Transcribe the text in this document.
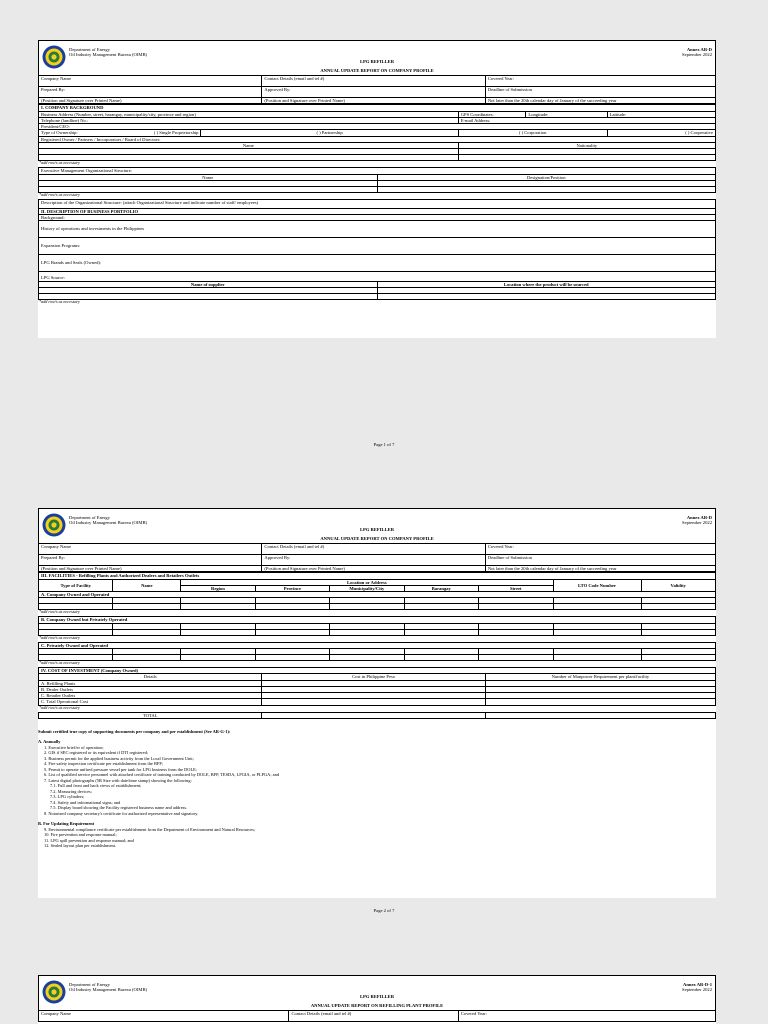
Department of Energy
Oil Industry Management Bureau (OIMB)
Annex AR-D
September 2022
LPG REFILLER
ANNUAL UPDATE REPORT ON COMPANY PROFILE
Company Name	Contact Details (email and tel #)	Covered Year:
Prepared By:	Approved By:	Deadline of Submission
(Position and Signature over Printed Name)	(Position and Signature over Printed Name)	Not later than the 20th calendar day of January of the succeeding year
I. COMPANY BACKGROUND				
Business Address (Number, street, barangay, municipality/city, province and region)		GPS Coordinates:	Longitude:	Latitude:
Telephone (landline) No.:		E-mail Address:		
President/CEO:				
Type of Ownership: ( ) Single Proprietorship	( ) Partnership	( ) Corporation		( ) Cooperative
Registered Owner / Partners / Incorporators / Board of Directors:				
Name		Nationality		

*add row/s as necessary
Executive Management Organizational Structure:	
Name	Designation/Position

*add row/s as necessary
Description of the Organizational Structure: (attach Organizational Structure and indicate number of staff/ employees)	
II. DESCRIPTION OF BUSINESS PORTFOLIO	
Background:	
History of operations and investments in the Philippines	
Expansion Programs:	
LPG Brands and Seals (Owned):	
LPG Source:	
Name of supplier	Location where the product will be sourced

*add row/s as necessary
Page 1 of 7
Department of Energy
Oil Industry Management Bureau (OIMB)
Annex AR-D
September 2022
LPG REFILLER
ANNUAL UPDATE REPORT ON COMPANY PROFILE
Company Name	Contact Details (email and tel #)	Covered Year:
Prepared By:	Approved By:	Deadline of Submission
(Position and Signature over Printed Name)	(Position and Signature over Printed Name)	Not later than the 20th calendar day of January of the succeeding year
III. FACILITIES - Refilling Plants and Authorized Dealers and Retailers Outlets								
Type of Facility	Name	Location or Address					LTO Code Number	Validity
		Region	Province	Municipality/City	Barangay	Street		
A. Company Owned and Operated								

*add row/s as necessary
B. Company Owned but Privately Operated								

*add row/s as necessary
C. Privately Owned and Operated								

*add row/s as necessary
IV. COST OF INVESTMENT (Company Owned)		
Details	Cost in Philippine Peso	Number of Manpower Requirement per plant/facility
A. Refilling Plants		
B. Dealer Outlets		
C. Retailer Outlets		
C. Total Operational Cost		
*add row/s as necessary
TOTAL		
Submit certified true copy of supporting documents per company and per establishment (See AR-G-1):
A. Annually
1. Executive brief/er of operation;
2. GIS if SEC registered or its equivalent if DTI registered;
3. Business permit for the applied business activity from the Local Government Unit;
4. Fire safety inspection certificate per establishment from the BFP;
5. Permit to operate unfired pressure vessel per tank for LPG business from the DOLE;
6. List of qualified service personnel with attached certificate of training conducted by DOLE, BFP, TESDA, LPGIA, or PLPGA; and
7. Latest digital photographs (5R Size with date/time stamp) showing the following:
7.1. Full and front and back views of establishment;
7.2. Measuring devices;
7.3. LPG cylinders;
7.4. Safety and informational signs; and
7.5. Display board showing the Facility registered business name and address.
8. Notarized company secretary's certificate for authorized representative and signatory.
B. For Updating Requirement
9. Environmental compliance certificate per establishment from the Department of Environment and Natural Resources;
10. Fire prevention and response manual;
11. LPG spill prevention and response manual; and
12. Sealed layout plan per establishment.
Page 2 of 7
Department of Energy
Oil Industry Management Bureau (OIMB)
Annex AR-D-1
September 2022
LPG REFILLER
ANNUAL UPDATE REPORT ON REFILLING PLANT PROFILE
Company Name	Contact Details (email and tel #)	Covered Year:
